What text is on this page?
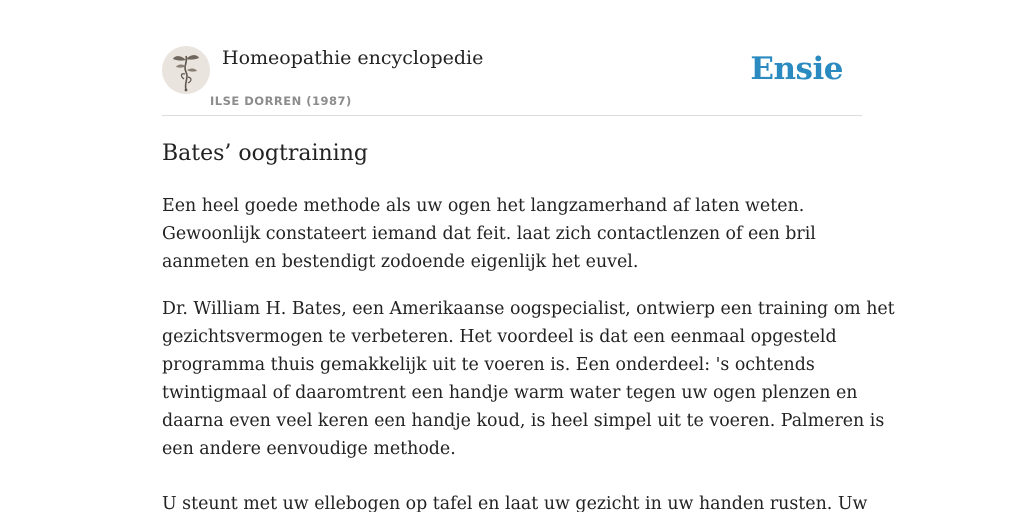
Homeopathie encyclopedie
ILSE DORREN (1987)
Ensie
Bates’ oogtraining

Een heel goede methode als uw ogen het langzamerhand af laten weten.
Gewoonlijk constateert iemand dat feit. laat zich contactlenzen of een bril
aanmeten en bestendigt zodoende eigenlijk het euvel.

Dr. William H. Bates, een Amerikaanse oogspecialist, ontwierp een training om het
gezichtsvermogen te verbeteren. Het voordeel is dat een eenmaal opgesteld
programma thuis gemakkelijk uit te voeren is. Een onderdeel: 's ochtends
twintigmaal of daaromtrent een handje warm water tegen uw ogen plenzen en
daarna even veel keren een handje koud, is heel simpel uit te voeren. Palmeren is
een andere eenvoudige methode.

U steunt met uw ellebogen op tafel en laat uw gezicht in uw handen rusten. Uw
